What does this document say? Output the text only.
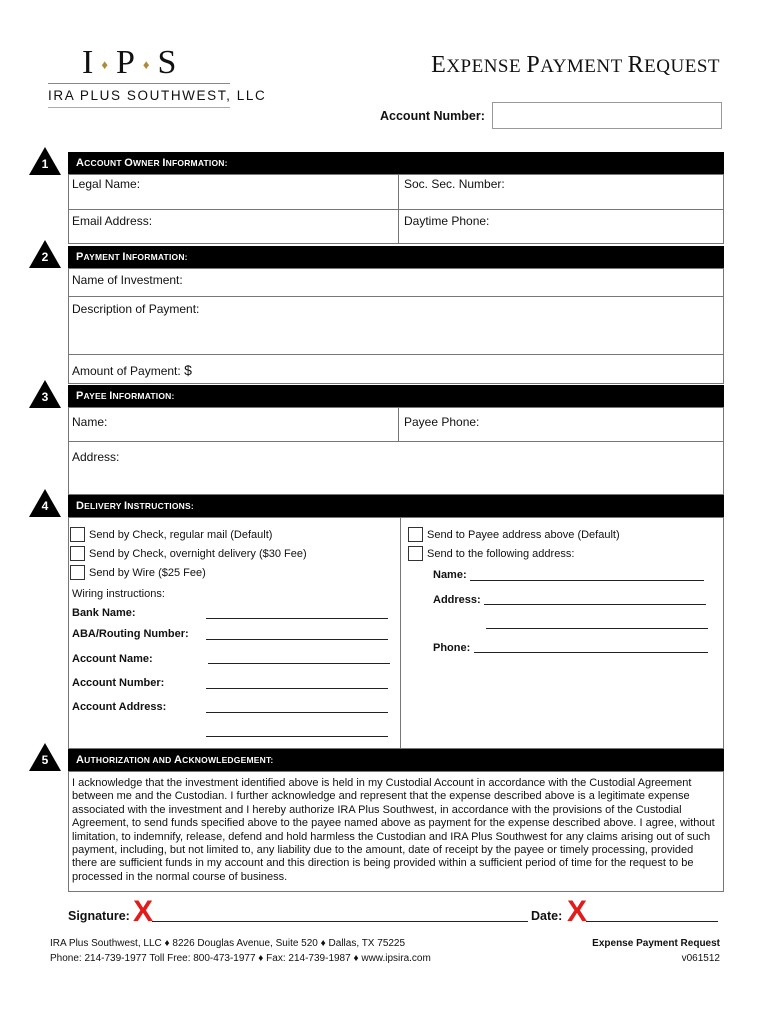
I ♦ P ♦ S
IRA PLUS SOUTHWEST, LLC
EXPENSE PAYMENT REQUEST
Account Number:
1	ACCOUNT OWNER INFORMATION:
Legal Name:	Soc. Sec. Number:
Email Address:	Daytime Phone:
2	PAYMENT INFORMATION:
Name of Investment:
Description of Payment:
Amount of Payment: $
3	PAYEE INFORMATION:
Name:	Payee Phone:
Address:
4	DELIVERY INSTRUCTIONS:
Send by Check, regular mail (Default)
Send by Check, overnight delivery ($30 Fee)
Send by Wire ($25 Fee)
Wiring instructions:
Bank Name:
ABA/Routing Number:
Account Name:
Account Number:
Account Address:
Send to Payee address above (Default)
Send to the following address:
Name:
Address:
Phone:
5	AUTHORIZATION AND ACKNOWLEDGEMENT:
I acknowledge that the investment identified above is held in my Custodial Account in accordance with the Custodial Agreement between me and the Custodian. I further acknowledge and represent that the expense described above is a legitimate expense associated with the investment and I hereby authorize IRA Plus Southwest, in accordance with the provisions of the Custodial Agreement, to send funds specified above to the payee named above as payment for the expense described above. I agree, without limitation, to indemnify, release, defend and hold harmless the Custodian and IRA Plus Southwest for any claims arising out of such payment, including, but not limited to, any liability due to the amount, date of receipt by the payee or timely processing, provided there are sufficient funds in my account and this direction is being provided within a sufficient period of time for the request to be processed in the normal course of business.
Signature: X	Date: X
IRA Plus Southwest, LLC ♦ 8226 Douglas Avenue, Suite 520 ♦ Dallas, TX 75225
Phone: 214-739-1977 Toll Free: 800-473-1977 ♦ Fax: 214-739-1987 ♦ www.ipsira.com
Expense Payment Request
v061512
